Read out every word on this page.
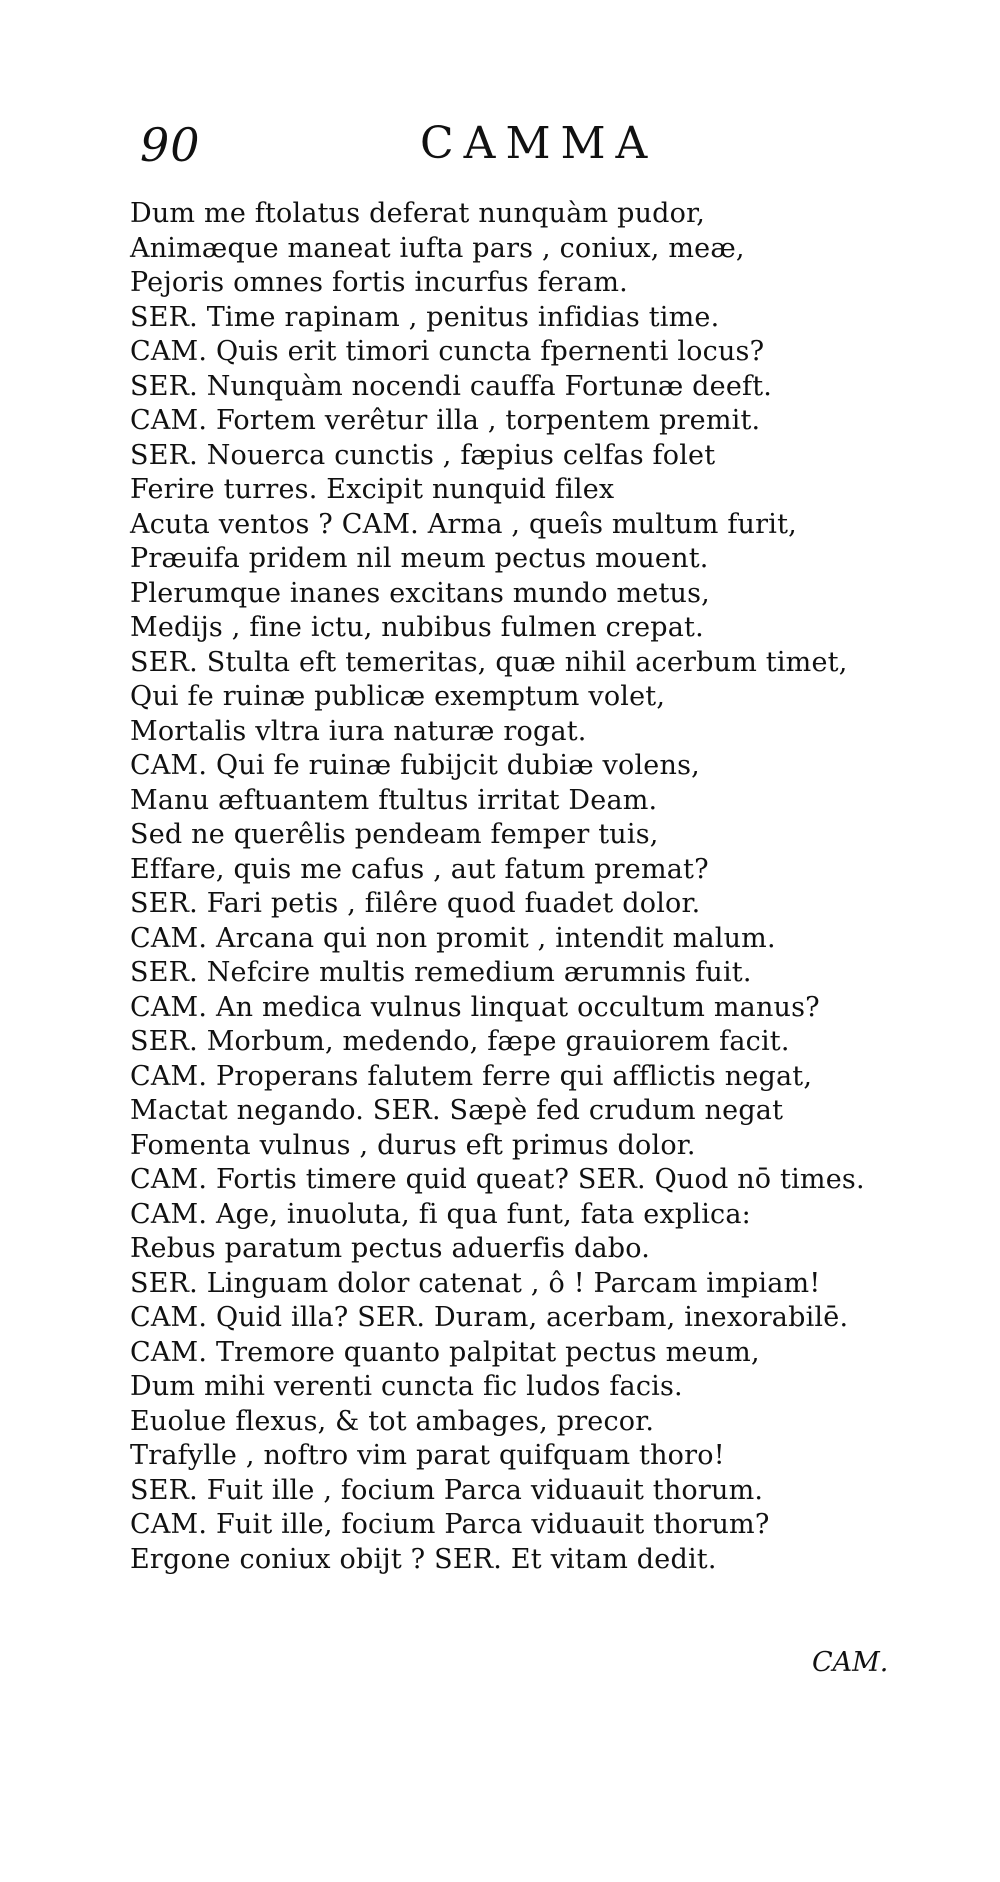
90	CAMMA
Dum me ftolatus deferat nunquàm pudor,
Animæque maneat iufta pars , coniux, meæ,
Pejoris omnes fortis incurfus feram.
SER. Time rapinam , penitus infidias time.
CAM. Quis erit timori cuncta fpernenti locus?
SER. Nunquàm nocendi cauffa Fortunæ deeft.
CAM. Fortem verêtur illa , torpentem premit.
SER. Nouerca cunctis , fæpius celfas folet
Ferire turres. Excipit nunquid filex
Acuta ventos ? CAM. Arma , queîs multum furit,
Præuifa pridem nil meum pectus mouent.
Plerumque inanes excitans mundo metus,
Medijs , fine ictu, nubibus fulmen crepat.
SER. Stulta eft temeritas, quæ nihil acerbum timet,
Qui fe ruinæ publicæ exemptum volet,
Mortalis vltra iura naturæ rogat.
CAM. Qui fe ruinæ fubijcit dubiæ volens,
Manu æftuantem ftultus irritat Deam.
Sed ne querêlis pendeam femper tuis,
Effare, quis me cafus , aut fatum premat?
SER. Fari petis , filêre quod fuadet dolor.
CAM. Arcana qui non promit , intendit malum.
SER. Nefcire multis remedium ærumnis fuit.
CAM. An medica vulnus linquat occultum manus?
SER. Morbum, medendo, fæpe grauiorem facit.
CAM. Properans falutem ferre qui afflictis negat,
Mactat negando. SER. Sæpè fed crudum negat
Fomenta vulnus , durus eft primus dolor.
CAM. Fortis timere quid queat? SER. Quod nō times.
CAM. Age, inuoluta, fi qua funt, fata explica:
Rebus paratum pectus aduerfis dabo.
SER. Linguam dolor catenat , ô ! Parcam impiam!
CAM. Quid illa? SER. Duram, acerbam, inexorabilē.
CAM. Tremore quanto palpitat pectus meum,
Dum mihi verenti cuncta fic ludos facis.
Euolue flexus, & tot ambages, precor.
Trafylle , noftro vim parat quifquam thoro!
SER. Fuit ille , focium Parca viduauit thorum.
CAM. Fuit ille, focium Parca viduauit thorum?
Ergone coniux obijt ? SER. Et vitam dedit.
CAM.
